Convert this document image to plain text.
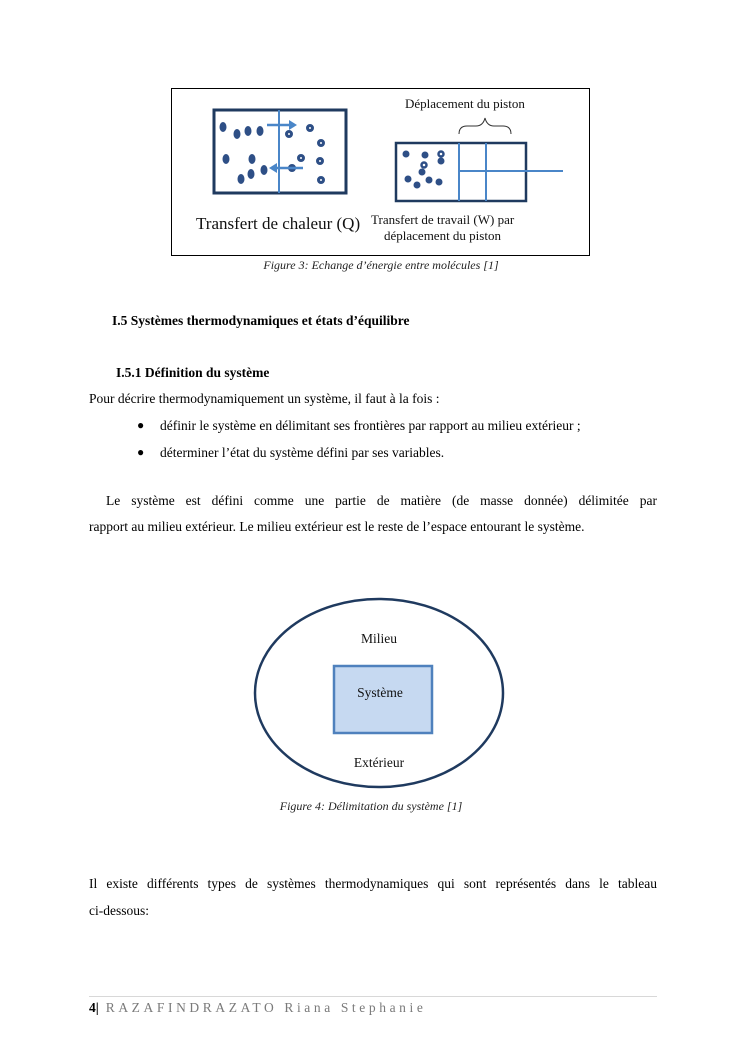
Transfert de chaleur (Q)
Déplacement du piston
Transfert de travail (W) par
déplacement du piston
Figure 3: Echange d’énergie entre molécules [1]
I.5 Systèmes thermodynamiques et états d’équilibre
I.5.1 Définition du système
Pour décrire thermodynamiquement un système, il faut à la fois :
● définir le système en délimitant ses frontières par rapport au milieu extérieur ;
● déterminer l’état du système défini par ses variables.
Le système est défini comme une partie de matière (de masse donnée) délimitée par
rapport au milieu extérieur. Le milieu extérieur est le reste de l’espace entourant le système.
Milieu
Système
Extérieur
Figure 4: Délimitation du système [1]
Il existe différents types de systèmes thermodynamiques qui sont représentés dans le tableau
ci-dessous:
4| RAZAFINDRAZATO Riana Stephanie
